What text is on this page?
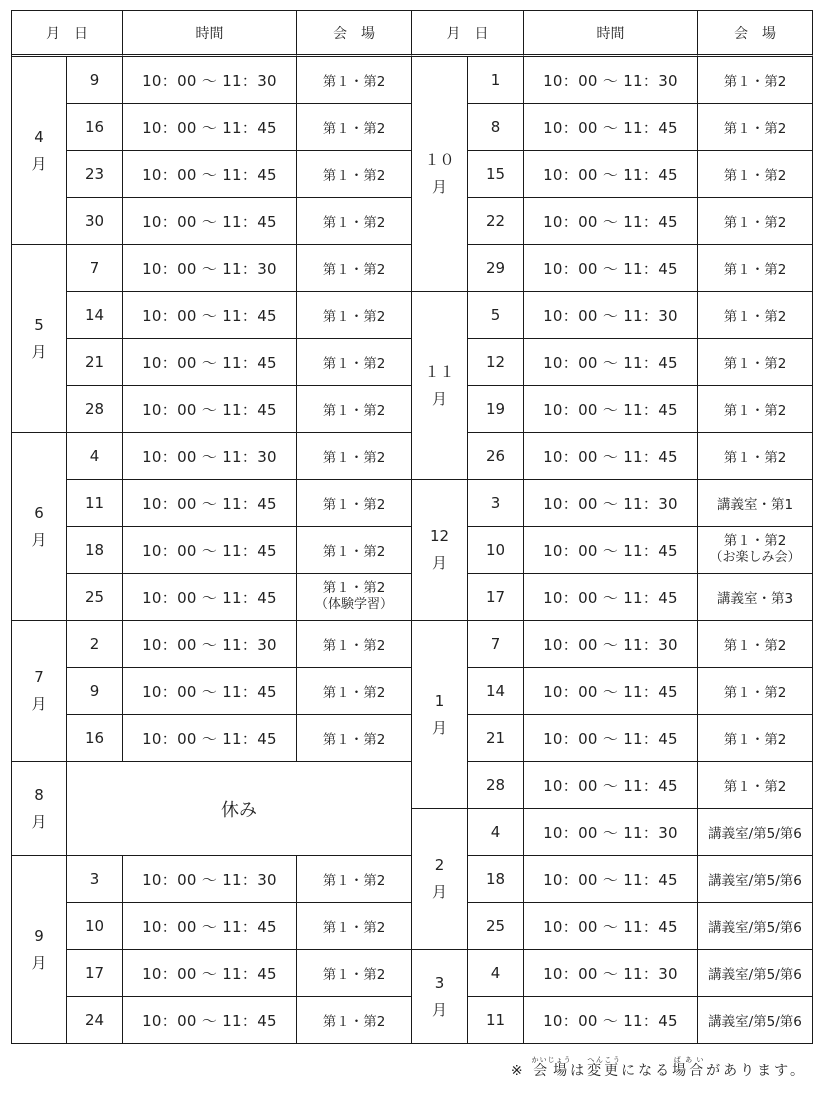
月　日	時間	会　場
4
月
9	10：00 ～ 11：30	第１・第2
16	10：00 ～ 11：45	第１・第2
23	10：00 ～ 11：45	第１・第2
30	10：00 ～ 11：45	第１・第2
5
月
7	10：00 ～ 11：30	第１・第2
14	10：00 ～ 11：45	第１・第2
21	10：00 ～ 11：45	第１・第2
28	10：00 ～ 11：45	第１・第2
6
月
4	10：00 ～ 11：30	第１・第2
11	10：00 ～ 11：45	第１・第2
18	10：00 ～ 11：45	第１・第2
25	10：00 ～ 11：45
第１・第2
（体験学習）
7
月
2	10：00 ～ 11：30	第１・第2
9	10：00 ～ 11：45	第１・第2
16	10：00 ～ 11：45	第１・第2
8
月
休み
9
月
3	10：00 ～ 11：30	第１・第2
10	10：00 ～ 11：45	第１・第2
17	10：00 ～ 11：45	第１・第2
24	10：00 ～ 11：45	第１・第2
月　日	時間	会　場
１０
月
1	10：00 ～ 11：30	第１・第2
8	10：00 ～ 11：45	第１・第2
15	10：00 ～ 11：45	第１・第2
22	10：00 ～ 11：45	第１・第2
29	10：00 ～ 11：45	第１・第2
１１
月
5	10：00 ～ 11：30	第１・第2
12	10：00 ～ 11：45	第１・第2
19	10：00 ～ 11：45	第１・第2
26	10：00 ～ 11：45	第１・第2
12
月
3	10：00 ～ 11：30	講義室・第1
10	10：00 ～ 11：45
第１・第2
（お楽しみ会）
17	10：00 ～ 11：45	講義室・第3
1
月
7	10：00 ～ 11：30	第１・第2
14	10：00 ～ 11：45	第１・第2
21	10：00 ～ 11：45	第１・第2
28	10：00 ～ 11：45	第１・第2
2
月
4	10：00 ～ 11：30 講義室/第5/第6
18	10：00 ～ 11：45 講義室/第5/第6
25	10：00 ～ 11：45 講義室/第5/第6
3
月
4	10：00 ～ 11：30 講義室/第5/第6
11	10：00 ～ 11：45 講義室/第5/第6
※ 会場かいじょうは変更へんこうになる場合ばあいがあります。
